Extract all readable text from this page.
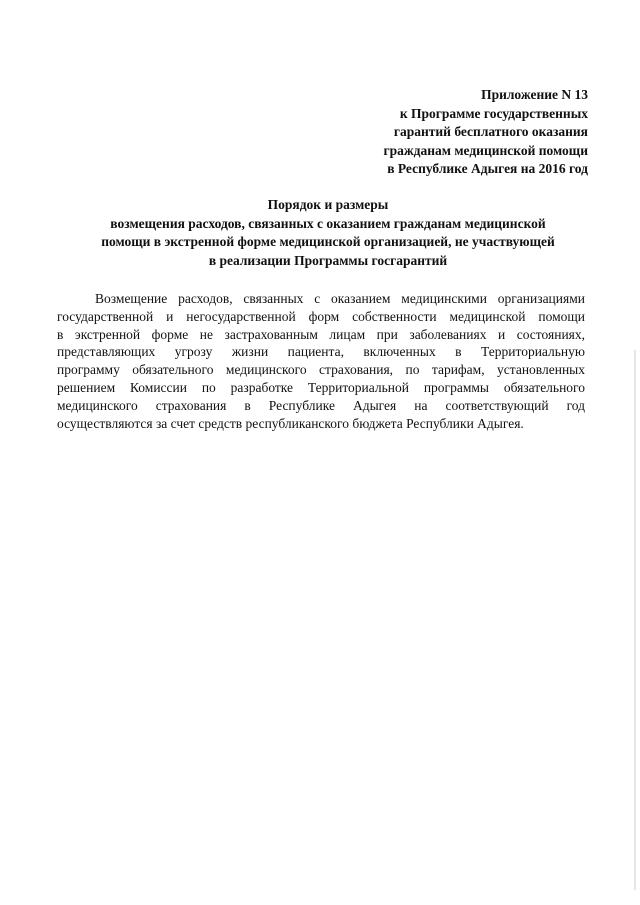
Приложение N 13
к Программе государственных
гарантий бесплатного оказания
гражданам медицинской помощи
в Республике Адыгея на 2016 год
Порядок и размеры
возмещения расходов, связанных с оказанием гражданам медицинской
помощи в экстренной форме медицинской организацией, не участвующей
в реализации Программы госгарантий
Возмещение расходов, связанных с оказанием медицинскими организациями
государственной и негосударственной форм собственности медицинской помощи
в экстренной форме не застрахованным лицам при заболеваниях и состояниях,
представляющих угрозу жизни пациента, включенных в Территориальную
программу обязательного медицинского страхования, по тарифам, установленных
решением Комиссии по разработке Территориальной программы обязательного
медицинского страхования в Республике Адыгея на соответствующий год
осуществляются за счет средств республиканского бюджета Республики Адыгея.
